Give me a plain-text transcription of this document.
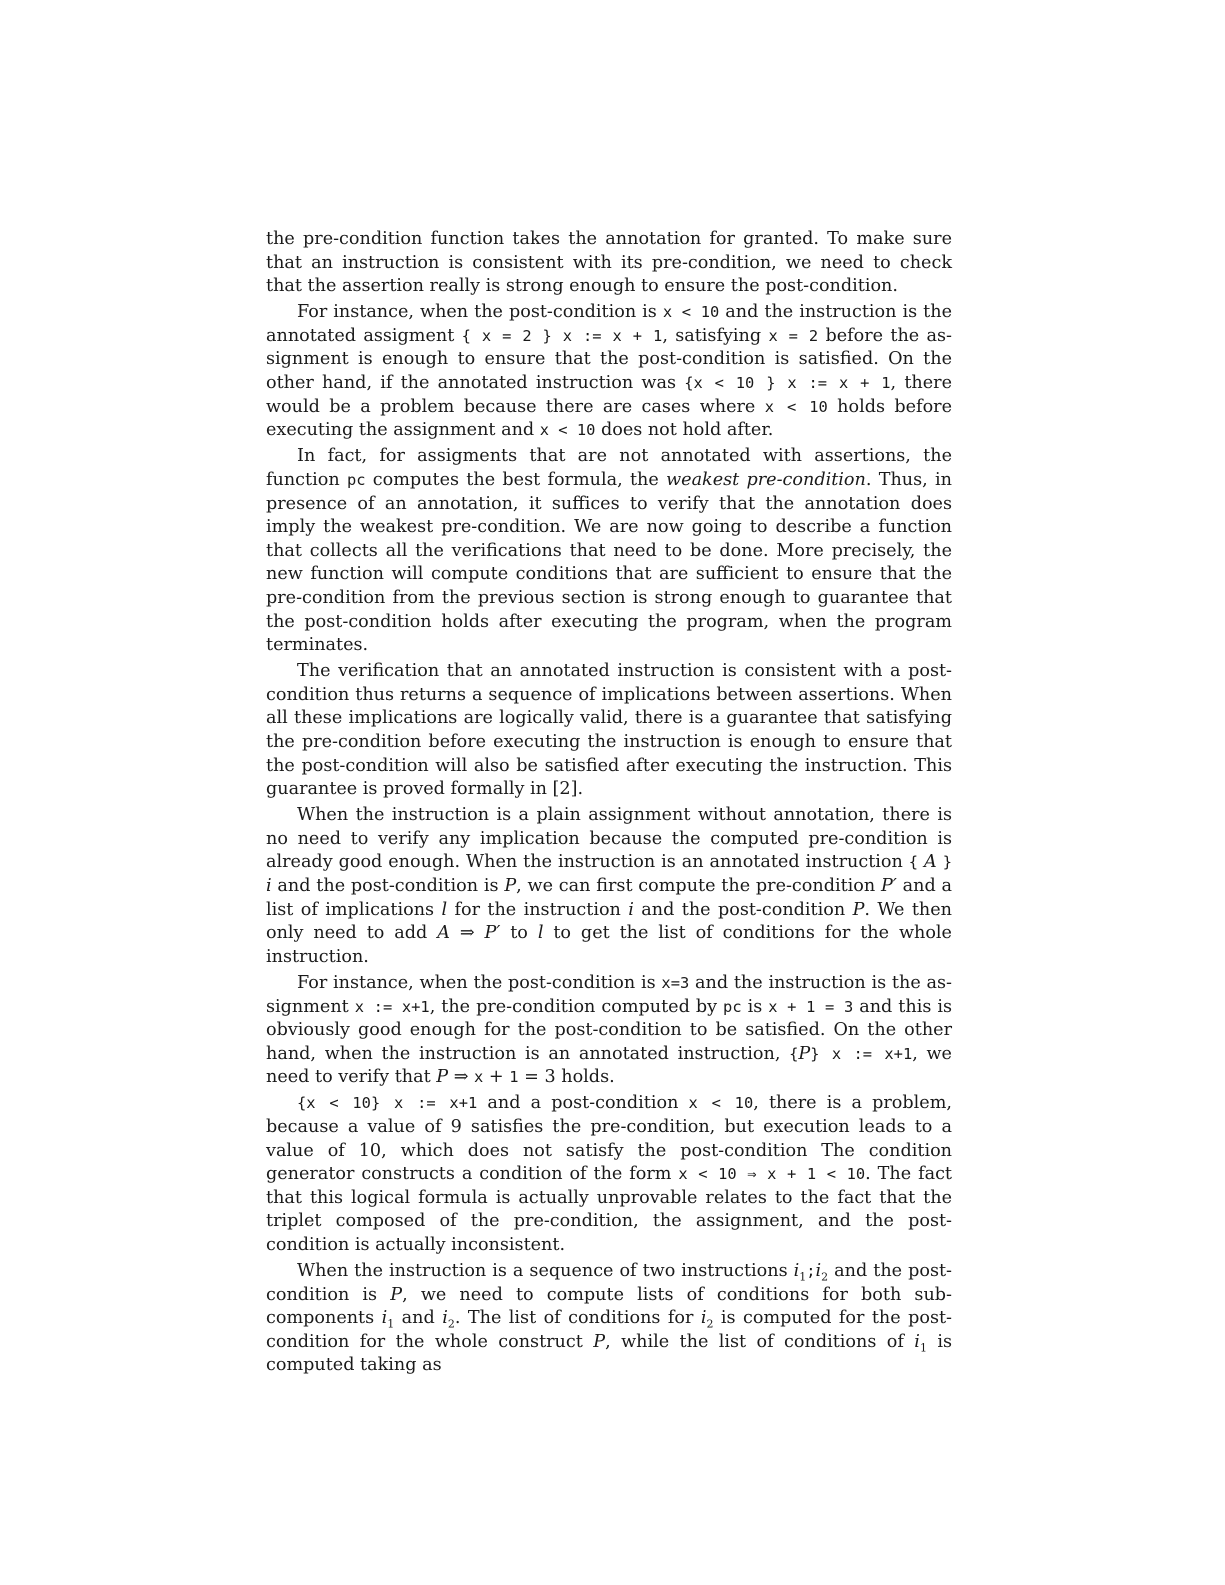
the pre-condition function takes the annotation for granted. To make sure that an instruction is consistent with its pre-condition, we need to check that the assertion really is strong enough to ensure the post-condition.

For instance, when the post-condition is x < 10 and the instruction is the annotated assigment { x = 2 } x := x + 1, satisfying x = 2 before the assignment is enough to ensure that the post-condition is satisfied. On the other hand, if the annotated instruction was {x < 10 } x := x + 1, there would be a problem because there are cases where x < 10 holds before executing the assignment and x < 10 does not hold after.

In fact, for assigments that are not annotated with assertions, the function pc computes the best formula, the weakest pre-condition. Thus, in presence of an annotation, it suffices to verify that the annotation does imply the weakest pre-condition. We are now going to describe a function that collects all the verifications that need to be done. More precisely, the new function will compute conditions that are sufficient to ensure that the pre-condition from the previous section is strong enough to guarantee that the post-condition holds after executing the program, when the program terminates.

The verification that an annotated instruction is consistent with a post-condition thus returns a sequence of implications between assertions. When all these implications are logically valid, there is a guarantee that satisfying the pre-condition before executing the instruction is enough to ensure that the post-condition will also be satisfied after executing the instruction. This guarantee is proved formally in [2].

When the instruction is a plain assignment without annotation, there is no need to verify any implication because the computed pre-condition is already good enough. When the instruction is an annotated instruction { A } i and the post-condition is P, we can first compute the pre-condition P′ and a list of implications l for the instruction i and the post-condition P. We then only need to add A ⇒ P′ to l to get the list of conditions for the whole instruction.

For instance, when the post-condition is x=3 and the instruction is the assignment x := x+1, the pre-condition computed by pc is x + 1 = 3 and this is obviously good enough for the post-condition to be satisfied. On the other hand, when the instruction is an annotated instruction, {P} x := x+1, we need to verify that P ⇒ x + 1 = 3 holds.

{x < 10} x := x+1 and a post-condition x < 10, there is a problem, because a value of 9 satisfies the pre-condition, but execution leads to a value of 10, which does not satisfy the post-condition The condition generator constructs a condition of the form x < 10 ⇒ x + 1 < 10. The fact that this logical formula is actually unprovable relates to the fact that the triplet composed of the pre-condition, the assignment, and the post-condition is actually inconsistent.

When the instruction is a sequence of two instructions $i_1;i_2$ and the post-condition is P, we need to compute lists of conditions for both sub-components $i_1$ and $i_2$. The list of conditions for $i_2$ is computed for the post-condition for the whole construct P, while the list of conditions of $i_1$ is computed taking as
